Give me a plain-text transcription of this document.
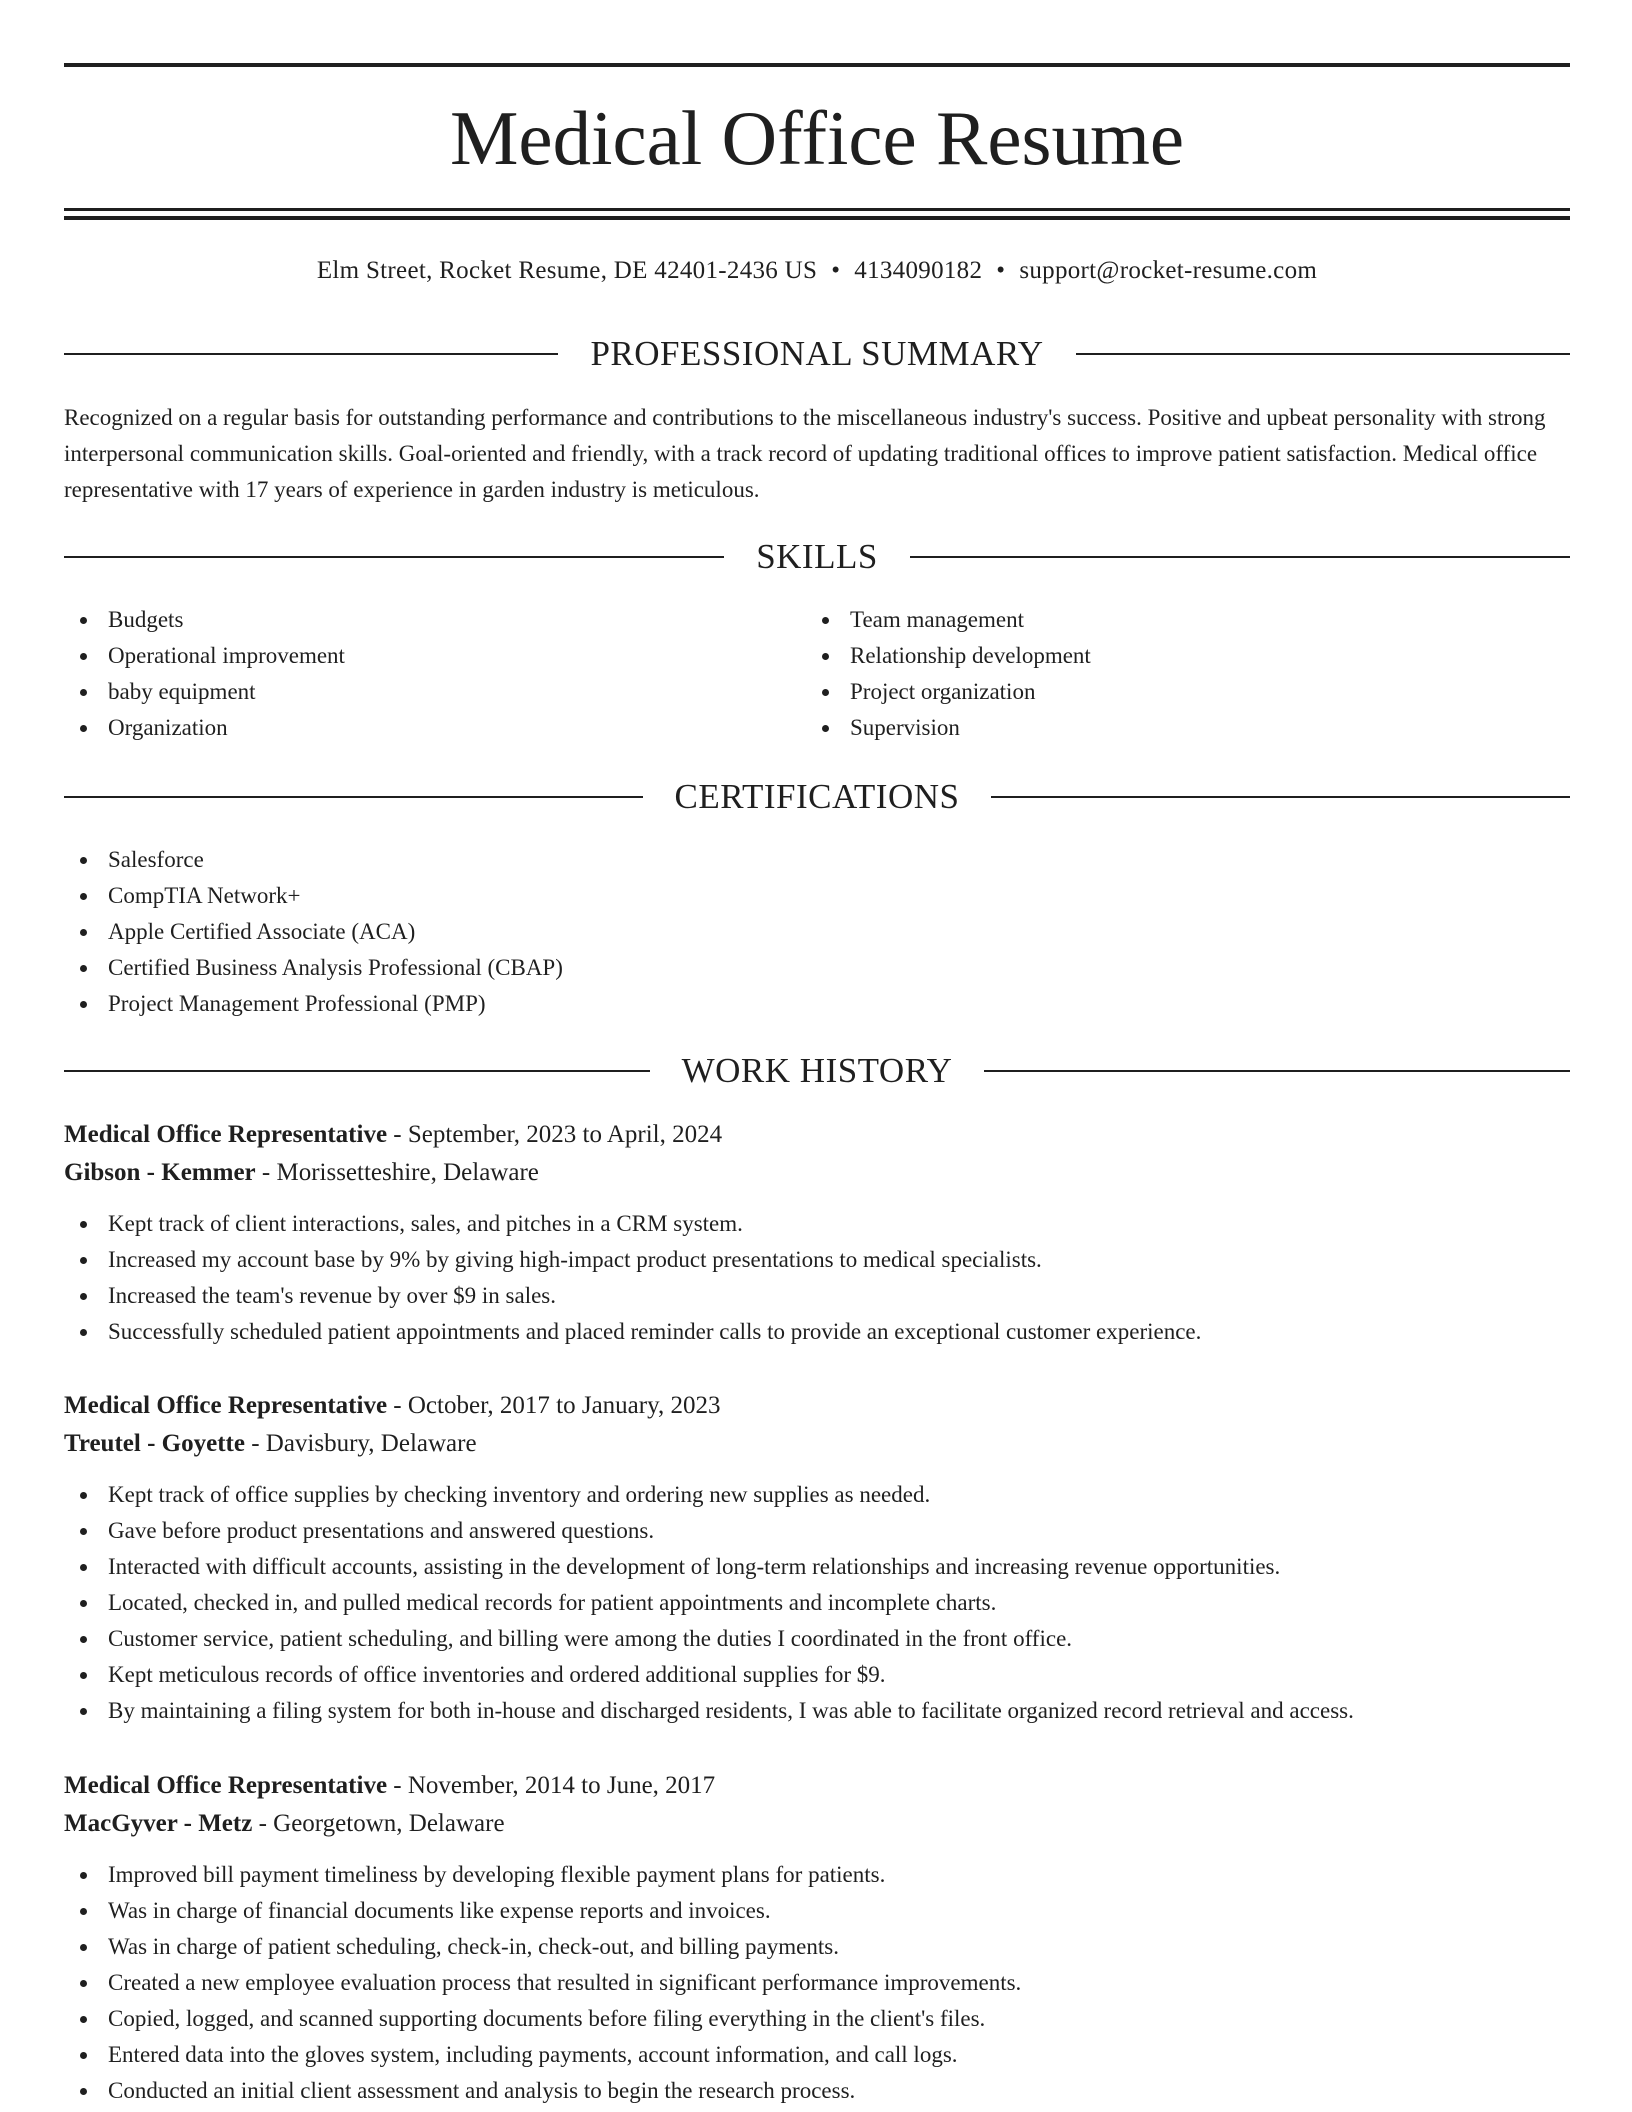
Medical Office Resume
Elm Street, Rocket Resume, DE 42401-2436 US • 4134090182 • support@rocket-resume.com
PROFESSIONAL SUMMARY

Recognized on a regular basis for outstanding performance and contributions to the miscellaneous industry's success. Positive and upbeat personality with strong interpersonal communication skills. Goal-oriented and friendly, with a track record of updating traditional offices to improve patient satisfaction. Medical office representative with 17 years of experience in garden industry is meticulous.

SKILLS
Budgets
Operational improvement
baby equipment
Organization
Team management
Relationship development
Project organization
Supervision
CERTIFICATIONS
Salesforce
CompTIA Network+
Apple Certified Associate (ACA)
Certified Business Analysis Professional (CBAP)
Project Management Professional (PMP)
WORK HISTORY
Medical Office Representative - September, 2023 to April, 2024
Gibson - Kemmer - Morissetteshire, Delaware
Kept track of client interactions, sales, and pitches in a CRM system.
Increased my account base by 9% by giving high-impact product presentations to medical specialists.
Increased the team's revenue by over $9 in sales.
Successfully scheduled patient appointments and placed reminder calls to provide an exceptional customer experience.
Medical Office Representative - October, 2017 to January, 2023
Treutel - Goyette - Davisbury, Delaware
Kept track of office supplies by checking inventory and ordering new supplies as needed.
Gave before product presentations and answered questions.
Interacted with difficult accounts, assisting in the development of long-term relationships and increasing revenue opportunities.
Located, checked in, and pulled medical records for patient appointments and incomplete charts.
Customer service, patient scheduling, and billing were among the duties I coordinated in the front office.
Kept meticulous records of office inventories and ordered additional supplies for $9.
By maintaining a filing system for both in-house and discharged residents, I was able to facilitate organized record retrieval and access.
Medical Office Representative - November, 2014 to June, 2017
MacGyver - Metz - Georgetown, Delaware
Improved bill payment timeliness by developing flexible payment plans for patients.
Was in charge of financial documents like expense reports and invoices.
Was in charge of patient scheduling, check-in, check-out, and billing payments.
Created a new employee evaluation process that resulted in significant performance improvements.
Copied, logged, and scanned supporting documents before filing everything in the client's files.
Entered data into the gloves system, including payments, account information, and call logs.
Conducted an initial client assessment and analysis to begin the research process.
